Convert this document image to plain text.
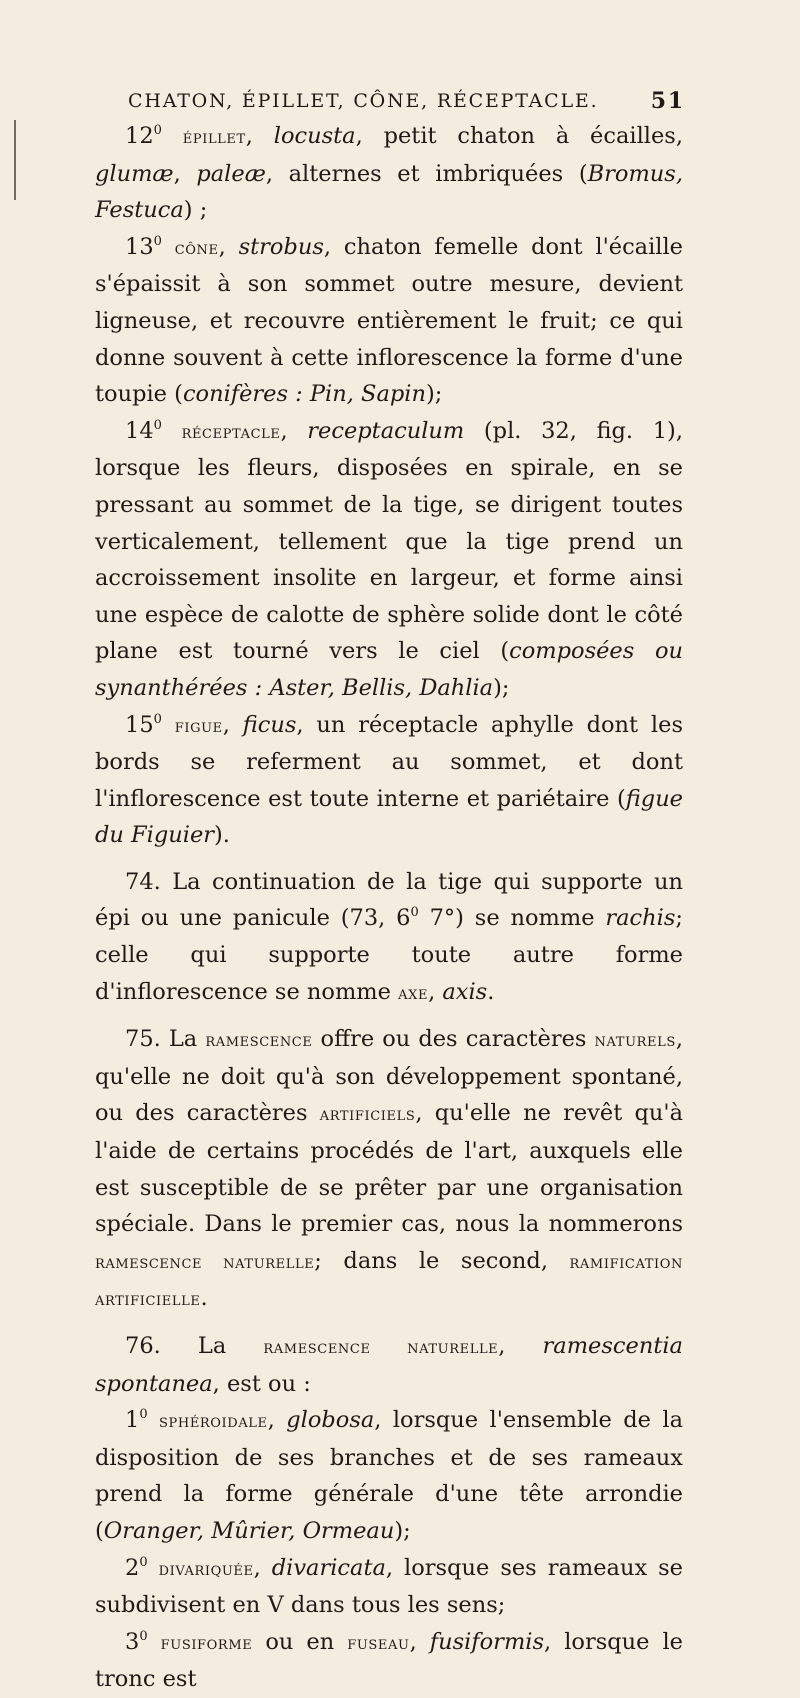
CHATON, ÉPILLET, CÔNE, RÉCEPTACLE. 51

$12^0$ épillet, locusta, petit chaton à écailles, glumæ, paleæ, alternes et imbriquées (Bromus, Festuca) ;

$13^0$ cône, strobus, chaton femelle dont l'écaille s'épaissit à son sommet outre mesure, devient ligneuse, et recouvre entièrement le fruit; ce qui donne souvent à cette inflorescence la forme d'une toupie (conifères : Pin, Sapin);

$14^0$ réceptacle, receptaculum (pl. 32, fig. 1), lorsque les fleurs, disposées en spirale, en se pressant au sommet de la tige, se dirigent toutes verticalement, tellement que la tige prend un accroissement insolite en largeur, et forme ainsi une espèce de calotte de sphère solide dont le côté plane est tourné vers le ciel (composées ou synanthérées : Aster, Bellis, Dahlia);

$15^0$ figue, ficus, un réceptacle aphylle dont les bords se referment au sommet, et dont l'inflorescence est toute interne et pariétaire (figue du Figuier).

74. La continuation de la tige qui supporte un épi ou une panicule (73, $6^0$ 7°) se nomme rachis; celle qui supporte toute autre forme d'inflorescence se nomme axe, axis.

75. La ramescence offre ou des caractères naturels, qu'elle ne doit qu'à son développement spontané, ou des caractères artificiels, qu'elle ne revêt qu'à l'aide de certains procédés de l'art, auxquels elle est susceptible de se prêter par une organisation spéciale. Dans le premier cas, nous la nommerons ramescence naturelle; dans le second, ramification artificielle.

76. La ramescence naturelle, ramescentia spontanea, est ou :

$1^0$ sphéroidale, globosa, lorsque l'ensemble de la disposition de ses branches et de ses rameaux prend la forme générale d'une tête arrondie (Oranger, Mûrier, Ormeau);

$2^0$ divariquée, divaricata, lorsque ses rameaux se subdivisent en V dans tous les sens;

$3^0$ fusiforme ou en fuseau, fusiformis, lorsque le tronc est
